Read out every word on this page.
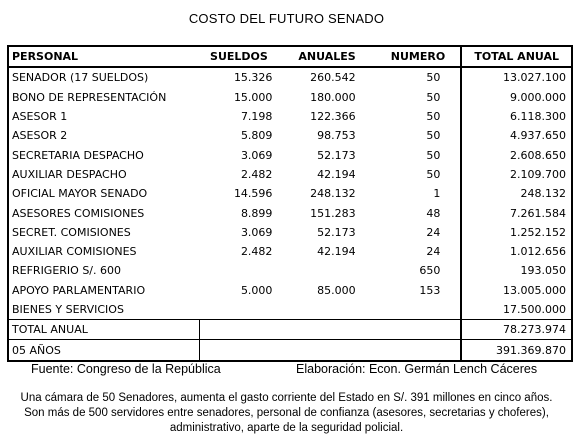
COSTO DEL FUTURO SENADO
PERSONAL	SUELDOS	ANUALES	NUMERO	TOTAL ANUAL
SENADOR (17 SUELDOS)	15.326	260.542	50	13.027.100
BONO DE REPRESENTACIÓN	15.000	180.000	50	9.000.000
ASESOR 1	7.198	122.366	50	6.118.300
ASESOR 2	5.809	98.753	50	4.937.650
SECRETARIA DESPACHO	3.069	52.173	50	2.608.650
AUXILIAR DESPACHO	2.482	42.194	50	2.109.700
OFICIAL MAYOR SENADO	14.596	248.132	1	248.132
ASESORES COMISIONES	8.899	151.283	48	7.261.584
SECRET. COMISIONES	3.069	52.173	24	1.252.152
AUXILIAR COMISIONES	2.482	42.194	24	1.012.656
REFRIGERIO S/. 600			650	193.050
APOYO PARLAMENTARIO	5.000	85.000	153	13.005.000
BIENES Y SERVICIOS				17.500.000
TOTAL ANUAL				78.273.974
05 AÑOS				391.369.870
Fuente: Congreso de la República	Elaboración: Econ. Germán Lench Cáceres
Una cámara de 50 Senadores, aumenta el gasto corriente del Estado en S/. 391 millones en cinco años.
Son más de 500 servidores entre senadores, personal de confianza (asesores, secretarias y choferes),
administrativo, aparte de la seguridad policial.
